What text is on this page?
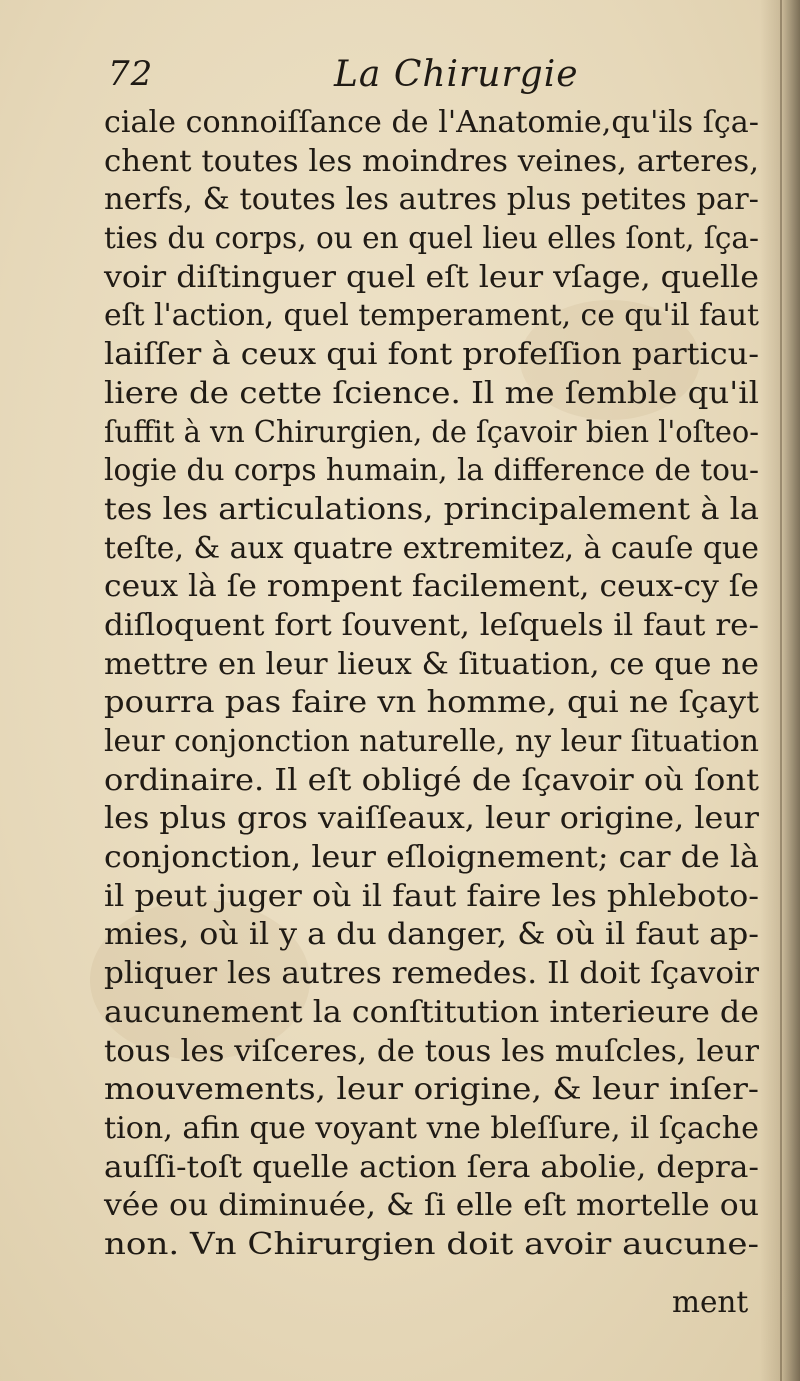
72	La Chirurgie
ciale connoiſſance de l'Anatomie,qu'ils ſça-
chent toutes les moindres veines, arteres,
nerfs, & toutes les autres plus petites par-
ties du corps, ou en quel lieu elles ſont, ſça-
voir diſtinguer quel eſt leur vſage, quelle
eſt l'action, quel temperament, ce qu'il faut
laiſſer à ceux qui font profeſſion particu-
liere de cette ſcience. Il me ſemble qu'il
ſuffit à vn Chirurgien, de ſçavoir bien l'oſteo-
logie du corps humain, la difference de tou-
tes les articulations, principalement à la
teſte, & aux quatre extremitez, à cauſe que
ceux là ſe rompent facilement, ceux-cy ſe
diſloquent fort ſouvent, leſquels il faut re-
mettre en leur lieux & ſituation, ce que ne
pourra pas faire vn homme, qui ne ſçayt
leur conjonction naturelle, ny leur ſituation
ordinaire. Il eſt obligé de ſçavoir où ſont
les plus gros vaiſſeaux, leur origine, leur
conjonction, leur eſloignement; car de là
il peut juger où il faut faire les phleboto-
mies, où il y a du danger, & où il faut ap-
pliquer les autres remedes. Il doit ſçavoir
aucunement la conſtitution interieure de
tous les viſceres, de tous les muſcles, leur
mouvements, leur origine, & leur inſer-
tion, afin que voyant vne bleſſure, il ſçache
auſſi-toſt quelle action ſera abolie, depra-
vée ou diminuée, & ſi elle eſt mortelle ou
non. Vn Chirurgien doit avoir aucune-
ment
